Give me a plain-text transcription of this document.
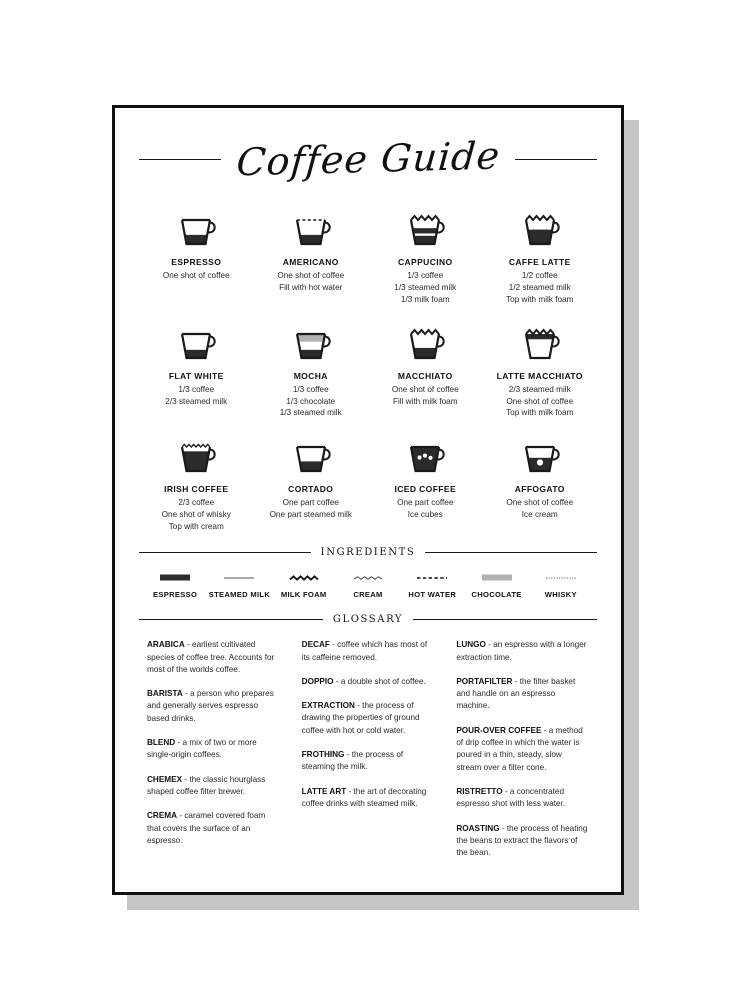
Coffee Guide
ESPRESSO
One shot of coffee
AMERICANO
One shot of coffee
Fill with hot water
CAPPUCINO
1/3 coffee
1/3 steamed milk
1/3 milk foam
CAFFE LATTE
1/2 coffee
1/2 steamed milk
Top with milk foam
FLAT WHITE
1/3 coffee
2/3 steamed milk
MOCHA
1/3 coffee
1/3 chocolate
1/3 steamed milk
MACCHIATO
One shot of coffee
Fill with milk foam
LATTE MACCHIATO
2/3 steamed milk
One shot of coffee
Top with milk foam
IRISH COFFEE
2/3 coffee
One shot of whisky
Top with cream
CORTADO
One part coffee
One part steamed milk
ICED COFFEE
One part coffee
Ice cubes
AFFOGATO
One shot of coffee
Ice cream
INGREDIENTS
ESPRESSO STEAMED MILK MILK FOAM	CREAM	HOT WATER CHOCOLATE	WHISKY
GLOSSARY
ARABICA - earliest cultivated species of coffee tree. Accounts for most of the worlds coffee.
BARISTA - a person who prepares and generally serves espresso based drinks.
BLEND - a mix of two or more single-origin coffees.
CHEMEX - the classic hourglass shaped coffee filter brewer.
CREMA - caramel covered foam that covers the surface of an espresso.
DECAF - coffee which has most of its caffeine removed.
DOPPIO - a double shot of coffee.
EXTRACTION - the process of drawing the properties of ground coffee with hot or cold water.
FROTHING - the process of steaming the milk.
LATTE ART - the art of decorating coffee drinks with steamed milk.
LUNGO - an espresso with a longer extraction time.
PORTAFILTER - the filter basket and handle on an espresso machine.
POUR-OVER COFFEE - a method of drip coffee in which the water is poured in a thin, steady, slow stream over a filter cone.
RISTRETTO - a concentrated espresso shot with less water.
ROASTING - the process of heating the beans to extract the flavors of the bean.
